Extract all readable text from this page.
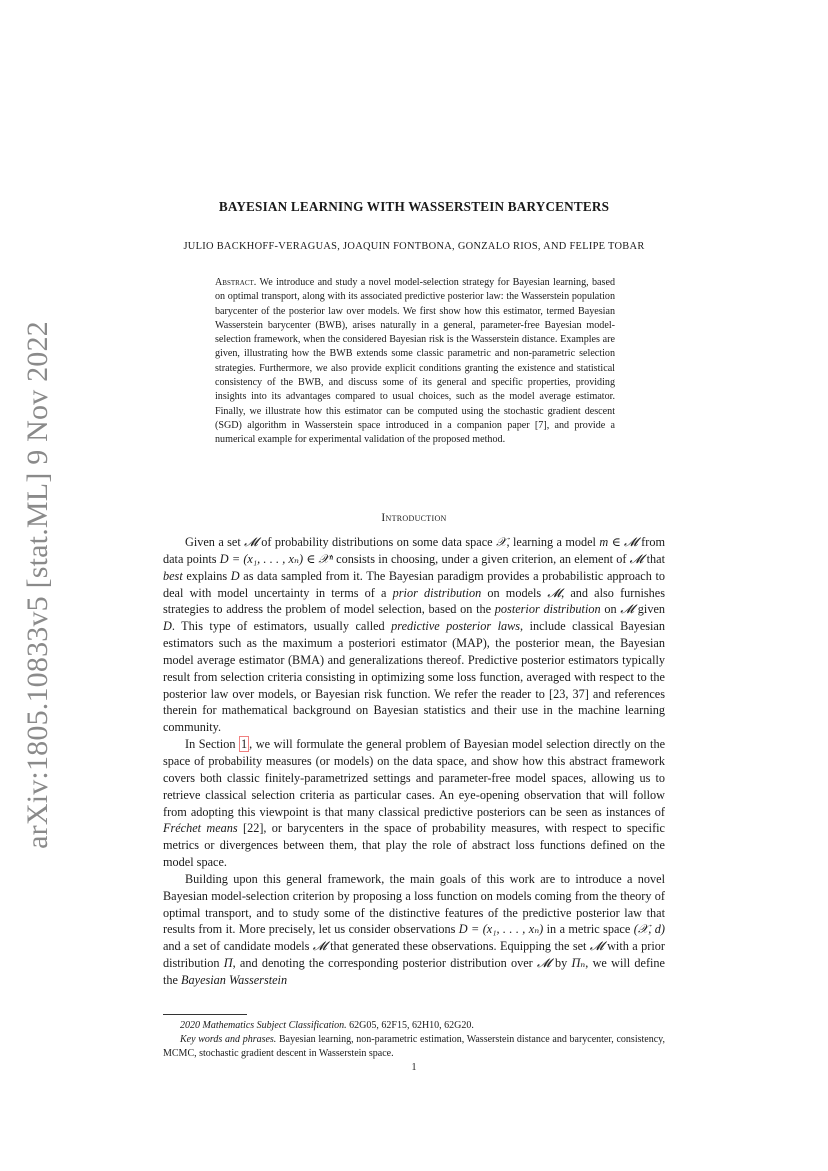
arXiv:1805.10833v5 [stat.ML] 9 Nov 2022
BAYESIAN LEARNING WITH WASSERSTEIN BARYCENTERS
JULIO BACKHOFF-VERAGUAS, JOAQUIN FONTBONA, GONZALO RIOS, AND FELIPE TOBAR
Abstract. We introduce and study a novel model-selection strategy for Bayesian learning, based on optimal transport, along with its associated predictive posterior law: the Wasserstein population barycenter of the posterior law over models. We first show how this estimator, termed Bayesian Wasserstein barycenter (BWB), arises naturally in a general, parameter-free Bayesian model-selection framework, when the considered Bayesian risk is the Wasserstein distance. Examples are given, illustrating how the BWB extends some classic parametric and non-parametric selection strategies. Furthermore, we also provide explicit conditions granting the existence and statistical consistency of the BWB, and discuss some of its general and specific properties, providing insights into its advantages compared to usual choices, such as the model average estimator. Finally, we illustrate how this estimator can be computed using the stochastic gradient descent (SGD) algorithm in Wasserstein space introduced in a companion paper [7], and provide a numerical example for experimental validation of the proposed method.
Introduction

Given a set 𝓜 of probability distributions on some data space 𝒳, learning a model m ∈ 𝓜 from data points D = (x₁, . . . , xₙ) ∈ 𝒳ⁿ consists in choosing, under a given criterion, an element of 𝓜 that best explains D as data sampled from it. The Bayesian paradigm provides a probabilistic approach to deal with model uncertainty in terms of a prior distribution on models 𝓜, and also furnishes strategies to address the problem of model selection, based on the posterior distribution on 𝓜 given D. This type of estimators, usually called predictive posterior laws, include classical Bayesian estimators such as the maximum a posteriori estimator (MAP), the posterior mean, the Bayesian model average estimator (BMA) and generalizations thereof. Predictive posterior estimators typically result from selection criteria consisting in optimizing some loss function, averaged with respect to the posterior law over models, or Bayesian risk function. We refer the reader to [23, 37] and references therein for mathematical background on Bayesian statistics and their use in the machine learning community.

In Section 1 , we will formulate the general problem of Bayesian model selection directly on the space of probability measures (or models) on the data space, and show how this abstract framework covers both classic finitely-parametrized settings and parameter-free model spaces, allowing us to retrieve classical selection criteria as particular cases. An eye-opening observation that will follow from adopting this viewpoint is that many classical predictive posteriors can be seen as instances of Fréchet means [22], or barycenters in the space of probability measures, with respect to specific metrics or divergences between them, that play the role of abstract loss functions defined on the model space.

Building upon this general framework, the main goals of this work are to introduce a novel Bayesian model-selection criterion by proposing a loss function on models coming from the theory of optimal transport, and to study some of the distinctive features of the predictive posterior law that results from it. More precisely, let us consider observations D = (x₁, . . . , xₙ) in a metric space (𝒳, d) and a set of candidate models 𝓜 that generated these observations. Equipping the set 𝓜 with a prior distribution Π, and denoting the corresponding posterior distribution over 𝓜 by Πₙ, we will define the Bayesian Wasserstein

2020 Mathematics Subject Classification. 62G05, 62F15, 62H10, 62G20.

Key words and phrases. Bayesian learning, non-parametric estimation, Wasserstein distance and barycenter, consistency, MCMC, stochastic gradient descent in Wasserstein space.

1
